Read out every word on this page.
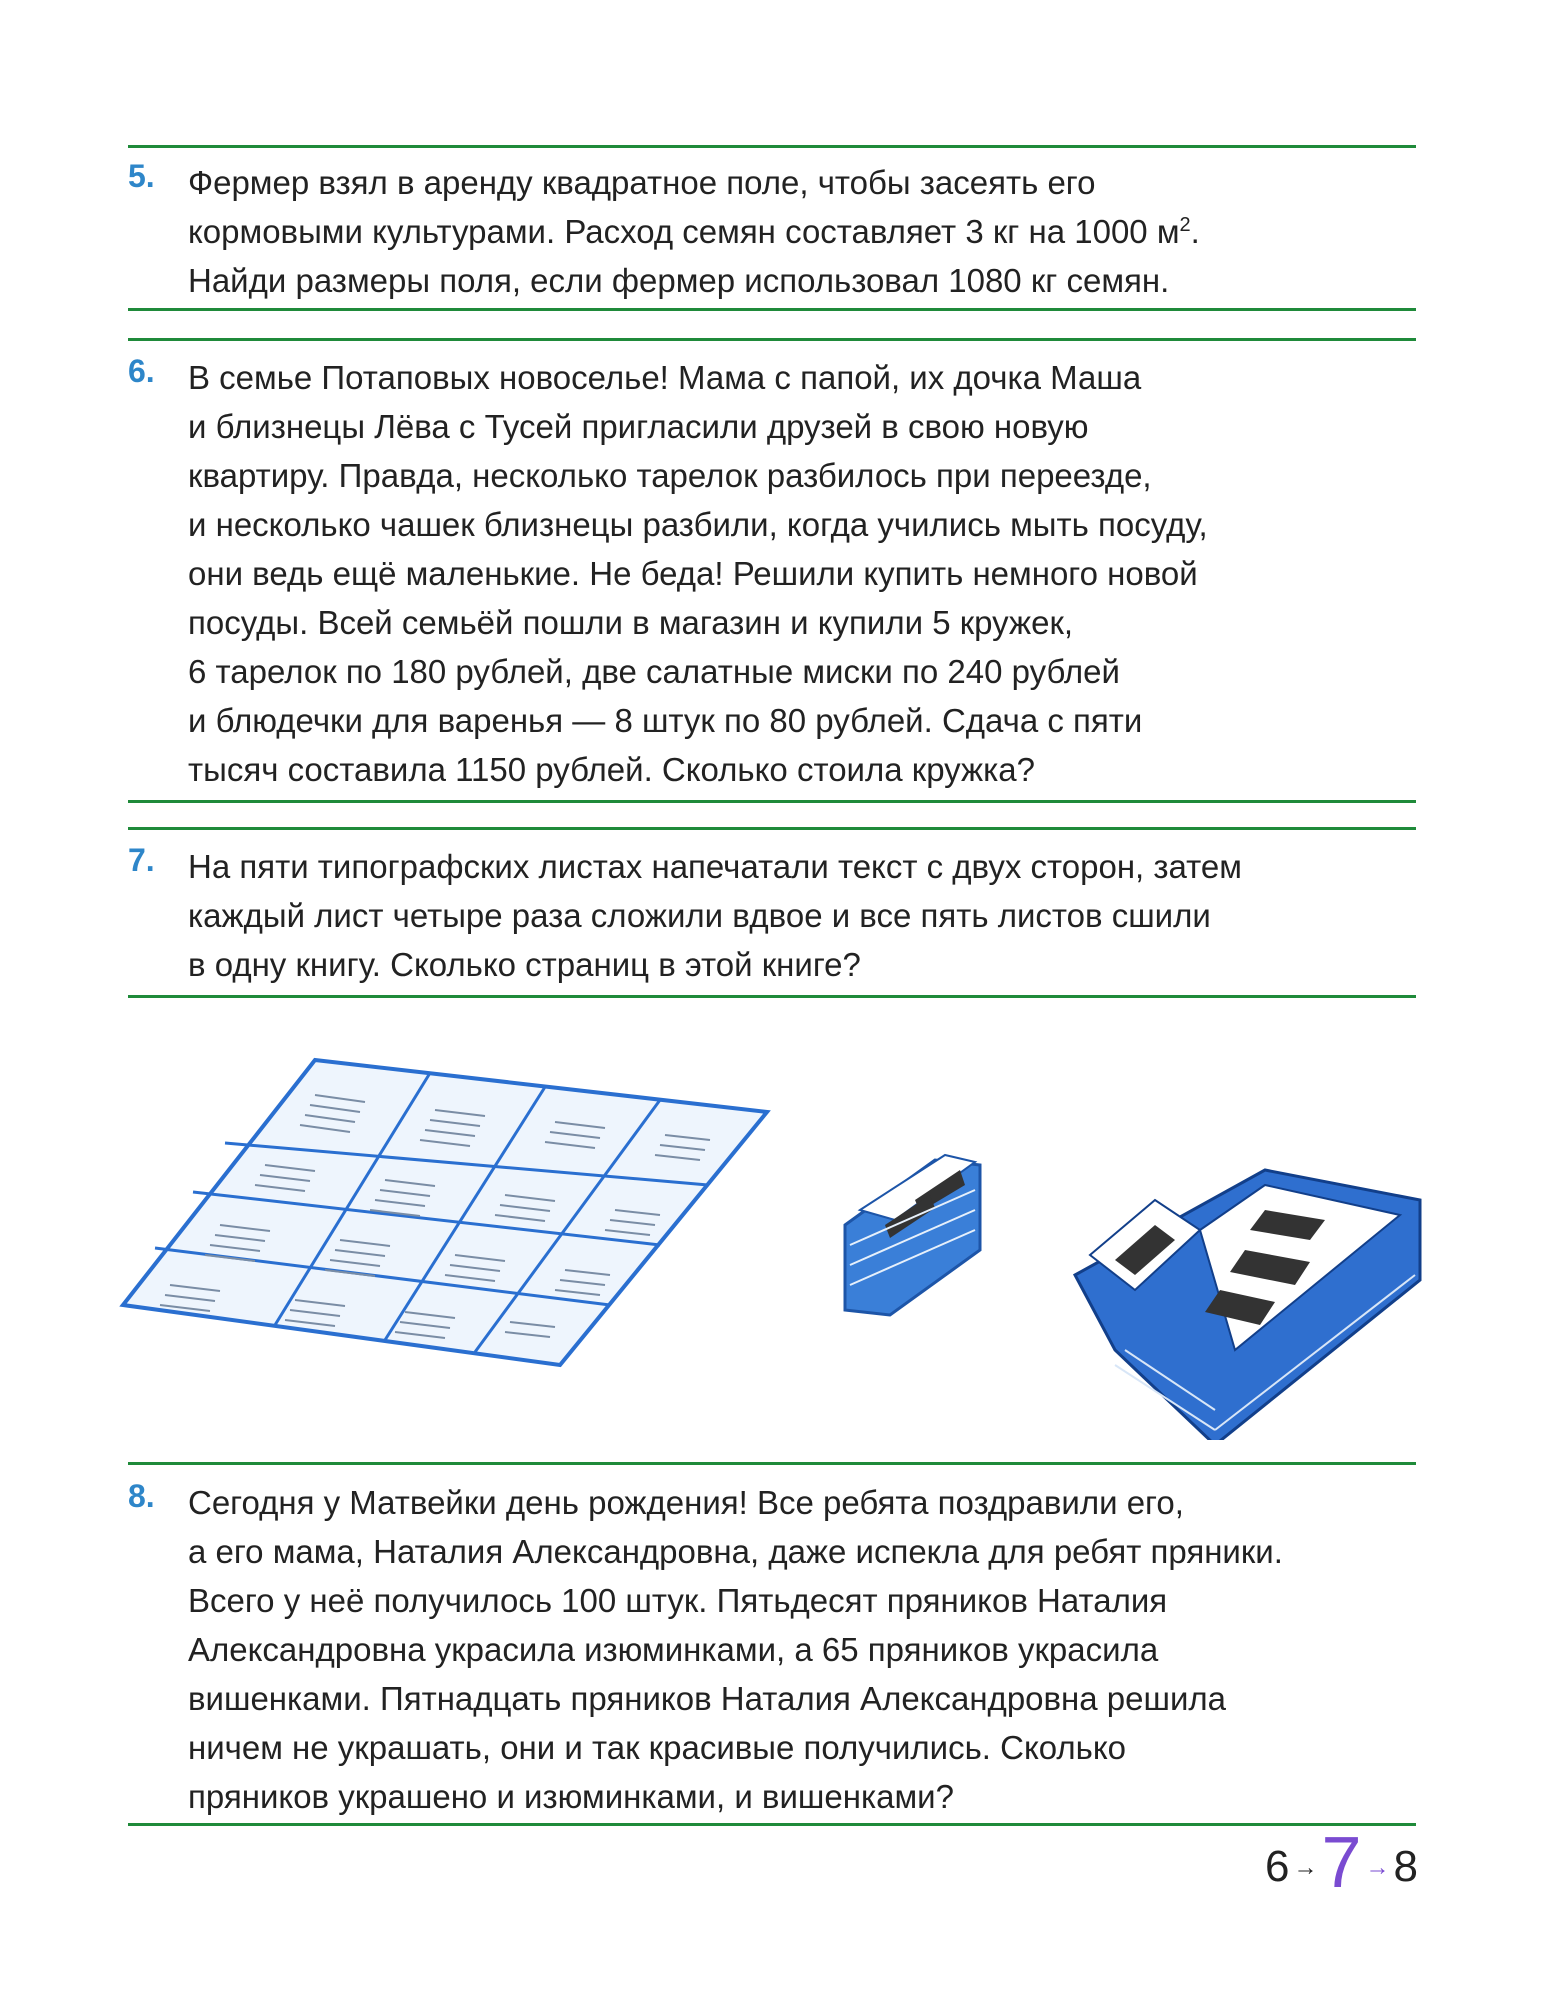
5. Фермер взял в аренду квадратное поле, чтобы засеять его
кормовыми культурами. Расход семян составляет 3 кг на 1000 $м^2$.
Найди размеры поля, если фермер использовал 1080 кг семян.
6. В семье Потаповых новоселье! Мама с папой, их дочка Маша
и близнецы Лёва с Тусей пригласили друзей в свою новую
квартиру. Правда, несколько тарелок разбилось при переезде,
и несколько чашек близнецы разбили, когда учились мыть посуду,
они ведь ещё маленькие. Не беда! Решили купить немного новой
посуды. Всей семьёй пошли в магазин и купили 5 кружек,
6 тарелок по 180 рублей, две салатные миски по 240 рублей
и блюдечки для варенья — 8 штук по 80 рублей. Сдача с пяти
тысяч составила 1150 рублей. Сколько стоила кружка?
7. На пяти типографских листах напечатали текст с двух сторон, затем
каждый лист четыре раза сложили вдвое и все пять листов сшили
в одну книгу. Сколько страниц в этой книге?
8. Сегодня у Матвейки день рождения! Все ребята поздравили его,
а его мама, Наталия Александровна, даже испекла для ребят пряники.
Всего у неё получилось 100 штук. Пятьдесят пряников Наталия
Александровна украсила изюминками, а 65 пряников украсила
вишенками. Пятнадцать пряников Наталия Александровна решила
ничем не украшать, они и так красивые получились. Сколько
пряников украшено и изюминками, и вишенками?
6 →7 →8
